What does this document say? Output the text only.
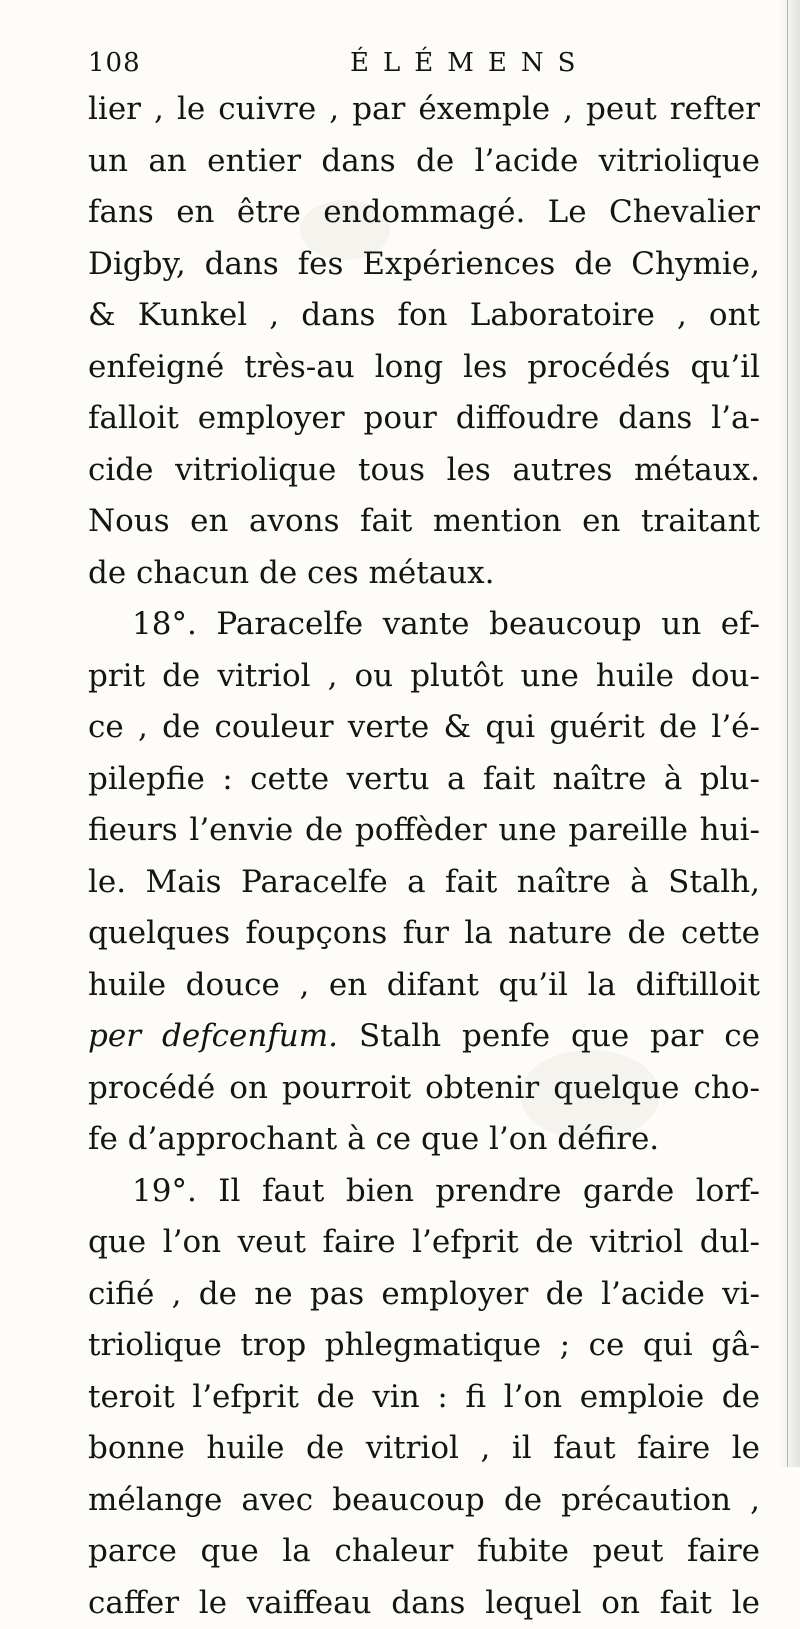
108	ÉLÉMENS
lier , le cuivre , par éxemple , peut refter
un an entier dans de l’acide vitriolique
fans en être endommagé. Le Chevalier
Digby, dans fes Expériences de Chymie,
& Kunkel , dans fon Laboratoire , ont
enfeigné très-au long les procédés qu’il
falloit employer pour diffoudre dans l’a-
cide vitriolique tous les autres métaux.
Nous en avons fait mention en traitant
de chacun de ces métaux.
18°. Paracelfe vante beaucoup un ef-
prit de vitriol , ou plutôt une huile dou-
ce , de couleur verte & qui guérit de l’é-
pilepfie : cette vertu a fait naître à plu-
fieurs l’envie de poffèder une pareille hui-
le. Mais Paracelfe a fait naître à Stalh,
quelques foupçons fur la nature de cette
huile douce , en difant qu’il la diftilloit
per defcenfum. Stalh penfe que par ce
procédé on pourroit obtenir quelque cho-
fe d’approchant à ce que l’on défire.
19°. Il faut bien prendre garde lorf-
que l’on veut faire l’efprit de vitriol dul-
cifié , de ne pas employer de l’acide vi-
triolique trop phlegmatique ; ce qui gâ-
teroit l’efprit de vin : fi l’on emploie de
bonne huile de vitriol , il faut faire le
mélange avec beaucoup de précaution ,
parce que la chaleur fubite peut faire
caffer le vaiffeau dans lequel on fait le
